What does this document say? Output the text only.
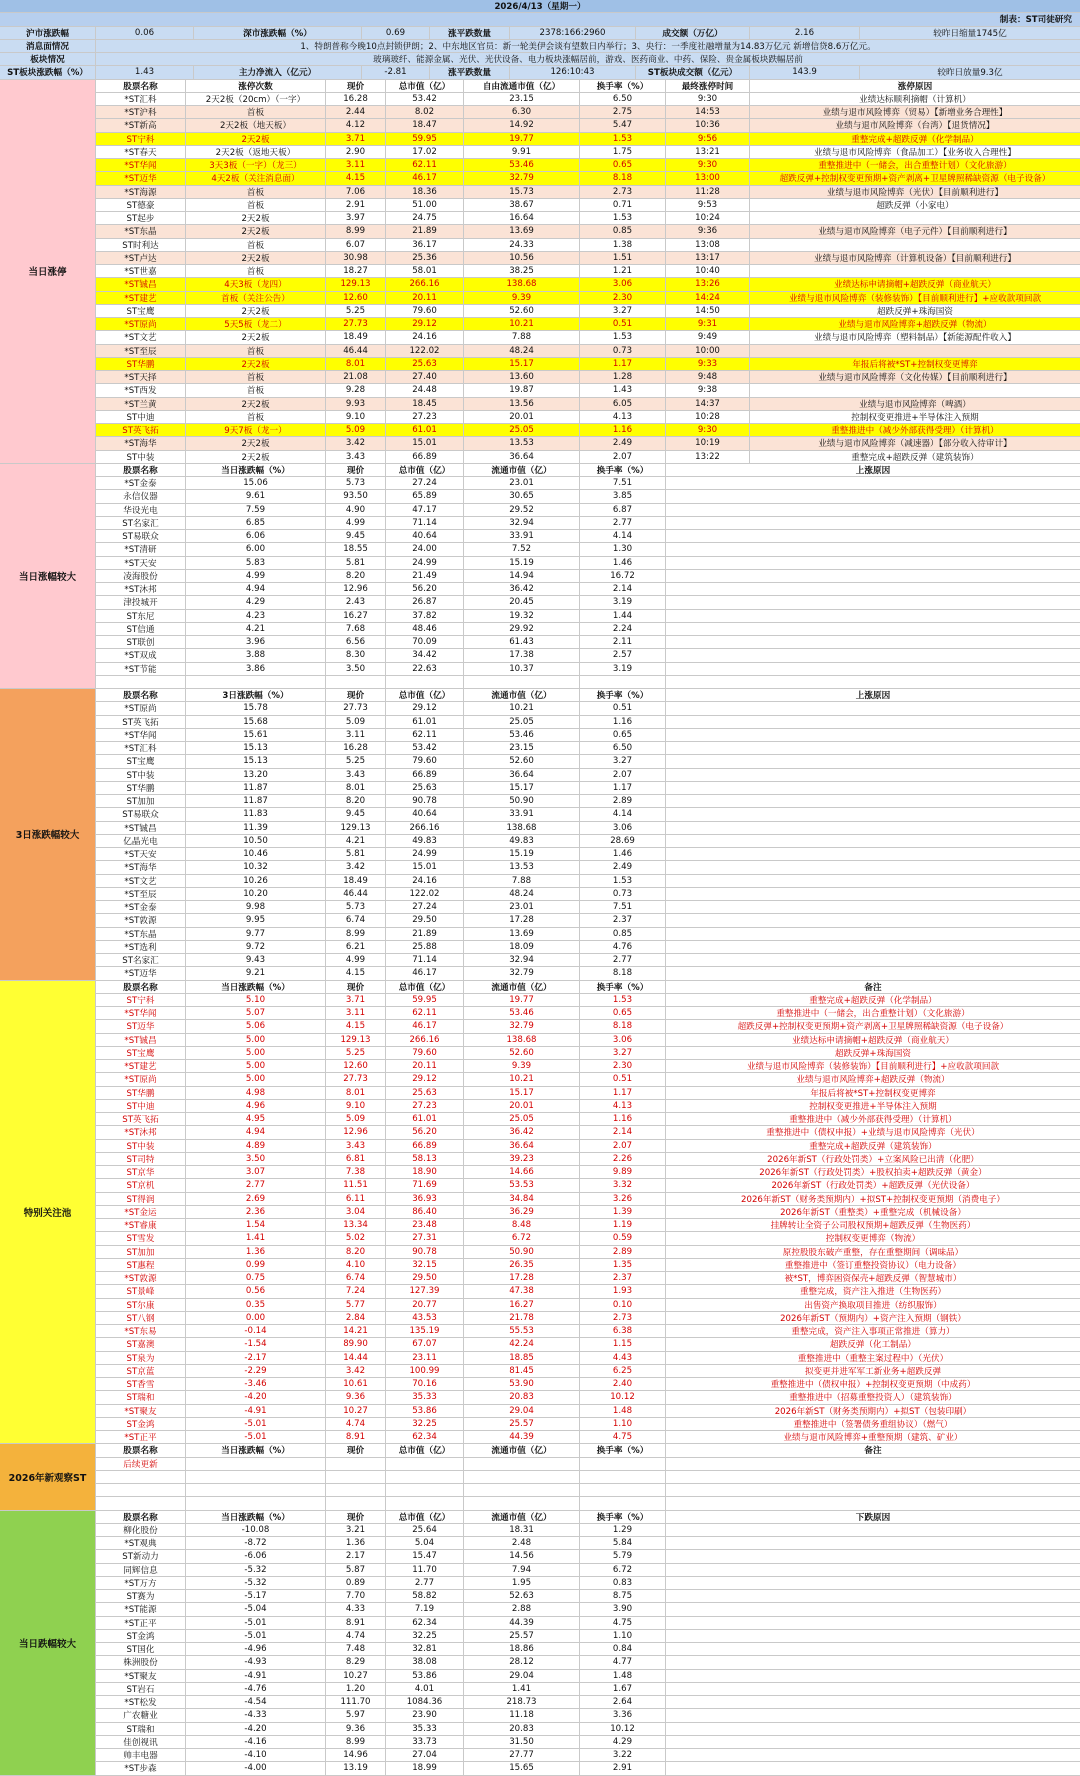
2026/4/13（星期一）
制表：ST司徒研究
沪市涨跌幅	0.06	深市涨跌幅（%）	0.69	涨平跌数量	2378:166:2960	成交额（万亿）	2.16	较昨日缩量1745亿
消息面情况	1、特朗普称今晚10点封锁伊朗；2、中东地区官员：新一轮美伊会谈有望数日内举行；3、央行：一季度社融增量为14.83万亿元 新增信贷8.6万亿元。
板块情况	玻璃玻纤、能源金属、光伏、光伏设备、电力板块涨幅居前，游戏、医药商业、中药、保险、贵金属板块跌幅居前
ST板块涨跌幅（%）	1.43	主力净流入（亿元）	-2.81	涨平跌数量	126:10:43	ST板块成交额（亿元）	143.9	较昨日放量9.3亿
当日涨停
股票名称	涨停次数	现价	总市值（亿）	自由流通市值（亿）	换手率（%）	最终涨停时间	涨停原因
*ST汇科	2天2板（20cm）（一字）	16.28	53.42	23.15	6.50	9:30	业绩达标顺利摘帽（计算机）
*ST沪科	首板	2.44	8.02	6.30	2.75	14:53	业绩与退市风险博弈（贸易）【新增业务合理性】
*ST新高	2天2板（地天板）	4.12	18.47	14.92	5.47	10:36	业绩与退市风险博弈（台湾）【退货情况】
ST宁科	2天2板	3.71	59.95	19.77	1.53	9:56	重整完成+超跌反弹（化学制品）
*ST春天	2天2板（返地天板）	2.90	17.02	9.91	1.75	13:21	业绩与退市风险博弈（食品加工）【业务收入合理性】
*ST华闻	3天3板（一字）（龙三）	3.11	62.11	53.46	0.65	9:30	重整推进中（一储会，出合重整计划）（文化旅游）
*ST迈华	4天2板（关注消息面）	4.15	46.17	32.79	8.18	13:00	超跌反弹+控制权变更预期+资产剥离+卫星牌照稀缺资源（电子设备）
*ST海源	首板	7.06	18.36	15.73	2.73	11:28	业绩与退市风险博弈（光伏）【目前顺利进行】
ST德豪	首板	2.91	51.00	38.67	0.71	9:53	超跌反弹（小家电）
ST起步	2天2板	3.97	24.75	16.64	1.53	10:24
*ST东晶	2天2板	8.99	21.89	13.69	0.85	9:36	业绩与退市风险博弈（电子元件）【目前顺利进行】
ST时利达	首板	6.07	36.17	24.33	1.38	13:08
*ST卢达	2天2板	30.98	25.36	10.56	1.51	13:17	业绩与退市风险博弈（计算机设备）【目前顺利进行】
*ST世嘉	首板	18.27	58.01	38.25	1.21	10:40
*ST铖昌	4天3板（龙四）	129.13	266.16	138.68	3.06	13:26	业绩达标申请摘帽+超跌反弹（商业航天）
*ST建艺	首板（关注公告）	12.60	20.11	9.39	2.30	14:24	业绩与退市风险博弈（装修装饰）【目前顺利进行】+应收款项回款
ST宝鹰	2天2板	5.25	79.60	52.60	3.27	14:50	超跌反弹+珠海国资
*ST原尚	5天5板（龙二）	27.73	29.12	10.21	0.51	9:31	业绩与退市风险博弈+超跌反弹（物流）
*ST文艺	2天2板	18.49	24.16	7.88	1.53	9:49	业绩与退市风险博弈（塑料制品）【新能源配件收入】
*ST至辰	首板	46.44	122.02	48.24	0.73	10:00
ST华鹏	2天2板	8.01	25.63	15.17	1.17	9:33	年报后将被*ST+控制权变更博弈
*ST天择	首板	21.08	27.40	13.60	1.28	9:48	业绩与退市风险博弈（文化传媒）【目前顺利进行】
*ST西发	首板	9.28	24.48	19.87	1.43	9:38
*ST兰黄	2天2板	9.93	18.45	13.56	6.05	14:37	业绩与退市风险博弈（啤酒）
ST中迪	首板	9.10	27.23	20.01	4.13	10:28	控制权变更推进+半导体注入预期
ST英飞拓	9天7板（龙一）	5.09	61.01	25.05	1.16	9:30	重整推进中（减少外部获得受理）（计算机）
*ST海华	2天2板	3.42	15.01	13.53	2.49	10:19	业绩与退市风险博弈（减速器）【部分收入待审计】
ST中装	2天2板	3.43	66.89	36.64	2.07	13:22	重整完成+超跌反弹（建筑装饰）
当日涨幅较大
股票名称	当日涨跌幅（%）	现价	总市值（亿）	流通市值（亿）	换手率（%）	上涨原因
*ST金泰	15.06	5.73	27.24	23.01	7.51
永信仪器	9.61	93.50	65.89	30.65	3.85
华设光电	7.59	4.90	47.17	29.52	6.87
ST名家汇	6.85	4.99	71.14	32.94	2.77
ST易联众	6.06	9.45	40.64	33.91	4.14
*ST清研	6.00	18.55	24.00	7.52	1.30
*ST天安	5.83	5.81	24.99	15.19	1.46
凌海股份	4.99	8.20	21.49	14.94	16.72
*ST沐邦	4.94	12.96	56.20	36.42	2.14
津投城开	4.29	2.43	26.87	20.45	3.19
ST东尼	4.23	16.27	37.82	19.32	1.44
ST信通	4.21	7.68	48.46	29.92	2.24
ST联创	3.96	6.56	70.09	61.43	2.11
*ST双成	3.88	8.30	34.42	17.38	2.57
*ST节能	3.86	3.50	22.63	10.37	3.19
3日涨跌幅较大
股票名称	3日涨跌幅（%）	现价	总市值（亿）	流通市值（亿）	换手率（%）	上涨原因
*ST原尚	15.78	27.73	29.12	10.21	0.51
ST英飞拓	15.68	5.09	61.01	25.05	1.16
*ST华闻	15.61	3.11	62.11	53.46	0.65
*ST汇科	15.13	16.28	53.42	23.15	6.50
ST宝鹰	15.13	5.25	79.60	52.60	3.27
ST中装	13.20	3.43	66.89	36.64	2.07
ST华鹏	11.87	8.01	25.63	15.17	1.17
ST加加	11.87	8.20	90.78	50.90	2.89
ST易联众	11.83	9.45	40.64	33.91	4.14
*ST铖昌	11.39	129.13	266.16	138.68	3.06
亿晶光电	10.50	4.21	49.83	49.83	28.69
*ST天安	10.46	5.81	24.99	15.19	1.46
*ST海华	10.32	3.42	15.01	13.53	2.49
*ST文艺	10.26	18.49	24.16	7.88	1.53
*ST至辰	10.20	46.44	122.02	48.24	0.73
*ST金泰	9.98	5.73	27.24	23.01	7.51
*ST敦源	9.95	6.74	29.50	17.28	2.37
*ST东晶	9.77	8.99	21.89	13.69	0.85
*ST选利	9.72	6.21	25.88	18.09	4.76
ST名家汇	9.43	4.99	71.14	32.94	2.77
*ST迈华	9.21	4.15	46.17	32.79	8.18
特别关注池
股票名称	当日涨跌幅（%）	现价	总市值（亿）	流通市值（亿）	换手率（%）	备注
ST宁科	5.10	3.71	59.95	19.77	1.53	重整完成+超跌反弹（化学制品）
*ST华闻	5.07	3.11	62.11	53.46	0.65	重整推进中（一储会，出合重整计划）（文化旅游）
ST迈华	5.06	4.15	46.17	32.79	8.18	超跌反弹+控制权变更预期+资产剥离+卫星牌照稀缺资源（电子设备）
*ST铖昌	5.00	129.13	266.16	138.68	3.06	业绩达标申请摘帽+超跌反弹（商业航天）
ST宝鹰	5.00	5.25	79.60	52.60	3.27	超跌反弹+珠海国资
*ST建艺	5.00	12.60	20.11	9.39	2.30	业绩与退市风险博弈（装修装饰）【目前顺利进行】+应收款项回款
*ST原尚	5.00	27.73	29.12	10.21	0.51	业绩与退市风险博弈+超跌反弹（物流）
ST华鹏	4.98	8.01	25.63	15.17	1.17	年报后将被*ST+控制权变更博弈
ST中迪	4.96	9.10	27.23	20.01	4.13	控制权变更推进+半导体注入预期
ST英飞拓	4.95	5.09	61.01	25.05	1.16	重整推进中（减少外部获得受理）（计算机）
*ST沐邦	4.94	12.96	56.20	36.42	2.14	重整推进中（债权申报）+业绩与退市风险博弈（光伏）
ST中装	4.89	3.43	66.89	36.64	2.07	重整完成+超跌反弹（建筑装饰）
ST司特	3.50	6.81	58.13	39.23	2.26	2026年新ST（行政处罚类）+立案风险已出清（化肥）
ST京华	3.07	7.38	18.90	14.66	9.89	2026年新ST（行政处罚类）+股权拍卖+超跌反弹（黄金）
ST京机	2.77	11.51	71.69	53.53	3.32	2026年新ST（行政处罚类）+超跌反弹（光伏设备）
ST得润	2.69	6.11	36.93	34.84	3.26	2026年新ST（财务类预期内）+拟ST+控制权变更预期（消费电子）
*ST金运	2.36	3.04	86.40	36.29	1.39	2026年新ST（重整类）+重整完成（机械设备）
*ST睿康	1.54	13.34	23.48	8.48	1.19	挂牌转让全资子公司股权预期+超跌反弹（生物医药）
ST雪发	1.41	5.02	27.31	6.72	0.59	控制权变更博弈（物流）
ST加加	1.36	8.20	90.78	50.90	2.89	原控股股东破产重整，存在重整期间（调味品）
ST惠程	0.99	4.10	32.15	26.35	1.35	重整推进中（签订重整投资协议）（电力设备）
*ST敦源	0.75	6.74	29.50	17.28	2.37	被*ST，博弈困资保壳+超跌反弹（智慧城市）
ST景峰	0.56	7.24	127.39	47.38	1.93	重整完成，资产注入推进（生物医药）
ST尔康	0.35	5.77	20.77	16.27	0.10	出售资产换取项目推进（纺织服饰）
ST八钢	0.00	2.84	43.53	21.78	2.73	2026年新ST（预期内）+资产注入预期（钢铁）
*ST东易	-0.14	14.21	135.19	55.53	6.38	重整完成，资产注入事项正常推进（算力）
ST嘉澳	-1.54	89.90	67.07	42.24	1.15	超跌反弹（化工制品）
ST泉为	-2.17	14.44	23.11	18.85	4.43	重整推进中（重整主案过程中）（光伏）
ST京蓝	-2.29	3.42	100.99	81.45	6.25	拟变更并进军军工新业务+超跌反弹
ST香雪	-3.46	10.61	70.16	53.90	2.40	重整推进中（债权申报）+控制权变更预期（中成药）
ST瑞和	-4.20	9.36	35.33	20.83	10.12	重整推进中（招募重整投资人）（建筑装饰）
*ST聚友	-4.91	10.27	53.86	29.04	1.48	2026年新ST（财务类预期内）+拟ST（包装印刷）
ST金鸿	-5.01	4.74	32.25	25.57	1.10	重整推进中（签署债务重组协议）（燃气）
*ST正平	-5.01	8.91	62.34	44.39	4.75	业绩与退市风险博弈+重整预期（建筑、矿业）
2026年新观察ST
股票名称	当日涨跌幅（%）	现价	总市值（亿）	流通市值（亿）	换手率（%）	备注
后续更新
当日跌幅较大
股票名称	当日涨跌幅（%）	现价	总市值（亿）	流通市值（亿）	换手率（%）	下跌原因
柳化股份	-10.08	3.21	25.64	18.31	1.29
*ST观典	-8.72	1.36	5.04	2.48	5.84
ST新动力	-6.06	2.17	15.47	14.56	5.79
同辉信息	-5.32	5.87	11.70	7.94	6.72
*ST万方	-5.32	0.89	2.77	1.95	0.83
ST赛为	-5.17	7.70	58.82	52.63	8.75
*ST能源	-5.04	4.33	7.19	2.88	3.90
*ST正平	-5.01	8.91	62.34	44.39	4.75
ST金鸿	-5.01	4.74	32.25	25.57	1.10
ST国化	-4.96	7.48	32.81	18.86	0.84
株洲股份	-4.93	8.29	38.08	28.12	4.77
*ST聚友	-4.91	10.27	53.86	29.04	1.48
ST岩石	-4.76	1.20	4.01	1.41	1.67
*ST松发	-4.54	111.70	1084.36	218.73	2.64
广农糖业	-4.33	5.97	23.90	11.18	3.36
ST瑞和	-4.20	9.36	35.33	20.83	10.12
佳创视讯	-4.16	8.99	33.73	31.50	4.29
帅丰电器	-4.10	14.96	27.04	27.77	3.22
*ST步森	-4.00	13.19	18.99	15.65	2.91
